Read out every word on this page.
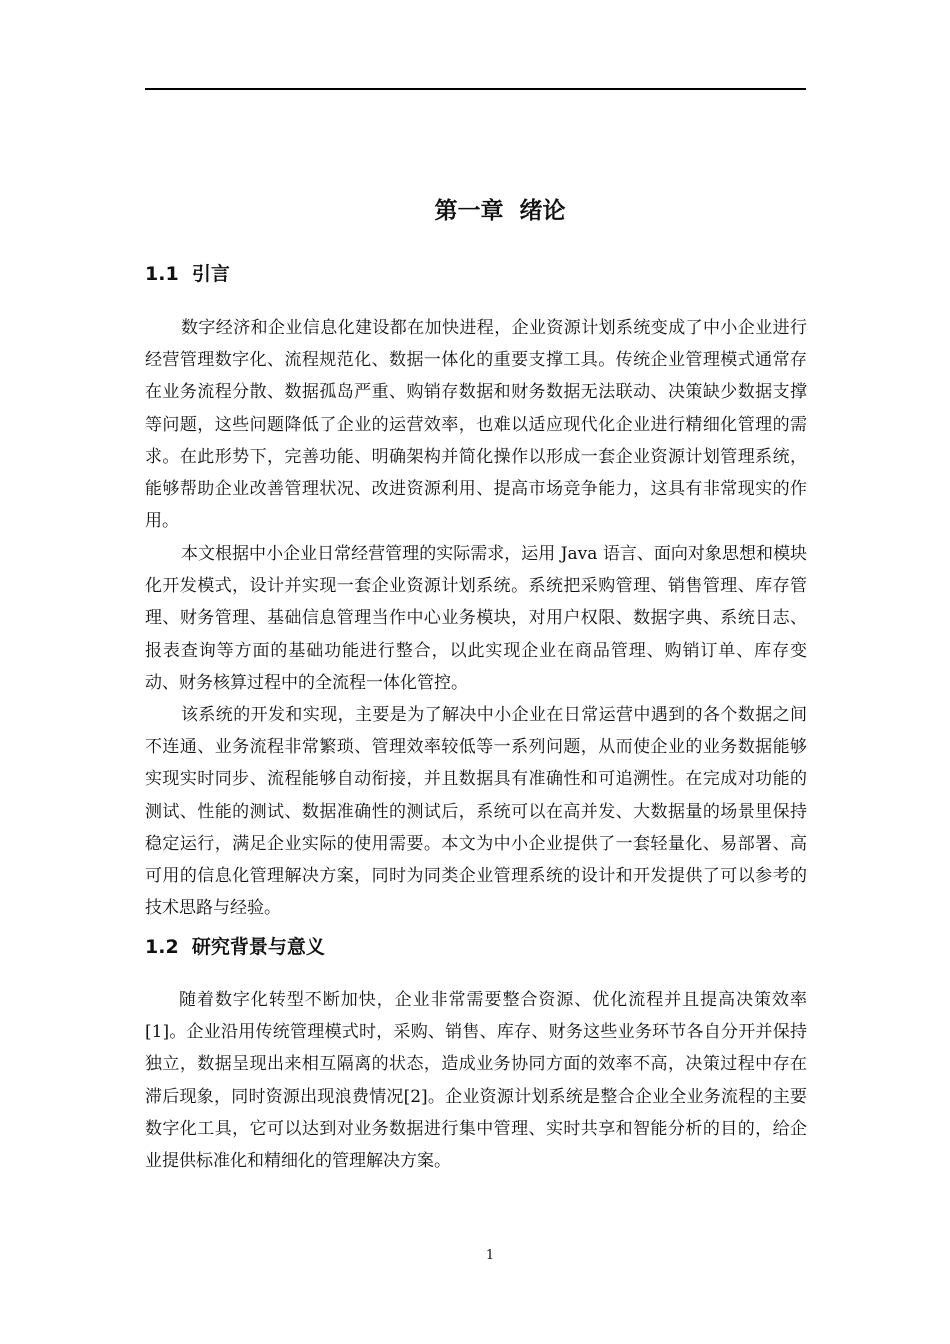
第一章  绪论
1.1  引言

数字经济和企业信息化建设都在加快进程，企业资源计划系统变成了中小企业进行经营管理数字化、流程规范化、数据一体化的重要支撑工具。传统企业管理模式通常存在业务流程分散、数据孤岛严重、购销存数据和财务数据无法联动、决策缺少数据支撑等问题，这些问题降低了企业的运营效率，也难以适应现代化企业进行精细化管理的需求。在此形势下，完善功能、明确架构并简化操作以形成一套企业资源计划管理系统，能够帮助企业改善管理状况、改进资源利用、提高市场竞争能力，这具有非常现实的作用。

本文根据中小企业日常经营管理的实际需求，运用 Java 语言、面向对象思想和模块化开发模式，设计并实现一套企业资源计划系统。系统把采购管理、销售管理、库存管理、财务管理、基础信息管理当作中心业务模块，对用户权限、数据字典、系统日志、报表查询等方面的基础功能进行整合，以此实现企业在商品管理、购销订单、库存变动、财务核算过程中的全流程一体化管控。

该系统的开发和实现，主要是为了解决中小企业在日常运营中遇到的各个数据之间不连通、业务流程非常繁琐、管理效率较低等一系列问题，从而使企业的业务数据能够实现实时同步、流程能够自动衔接，并且数据具有准确性和可追溯性。在完成对功能的测试、性能的测试、数据准确性的测试后，系统可以在高并发、大数据量的场景里保持稳定运行，满足企业实际的使用需要。本文为中小企业提供了一套轻量化、易部署、高可用的信息化管理解决方案，同时为同类企业管理系统的设计和开发提供了可以参考的技术思路与经验。

1.2  研究背景与意义

随着数字化转型不断加快，企业非常需要整合资源、优化流程并且提高决策效率[1]。企业沿用传统管理模式时，采购、销售、库存、财务这些业务环节各自分开并保持独立，数据呈现出来相互隔离的状态，造成业务协同方面的效率不高，决策过程中存在滞后现象，同时资源出现浪费情况[2]。企业资源计划系统是整合企业全业务流程的主要数字化工具，它可以达到对业务数据进行集中管理、实时共享和智能分析的目的，给企业提供标准化和精细化的管理解决方案。

1
